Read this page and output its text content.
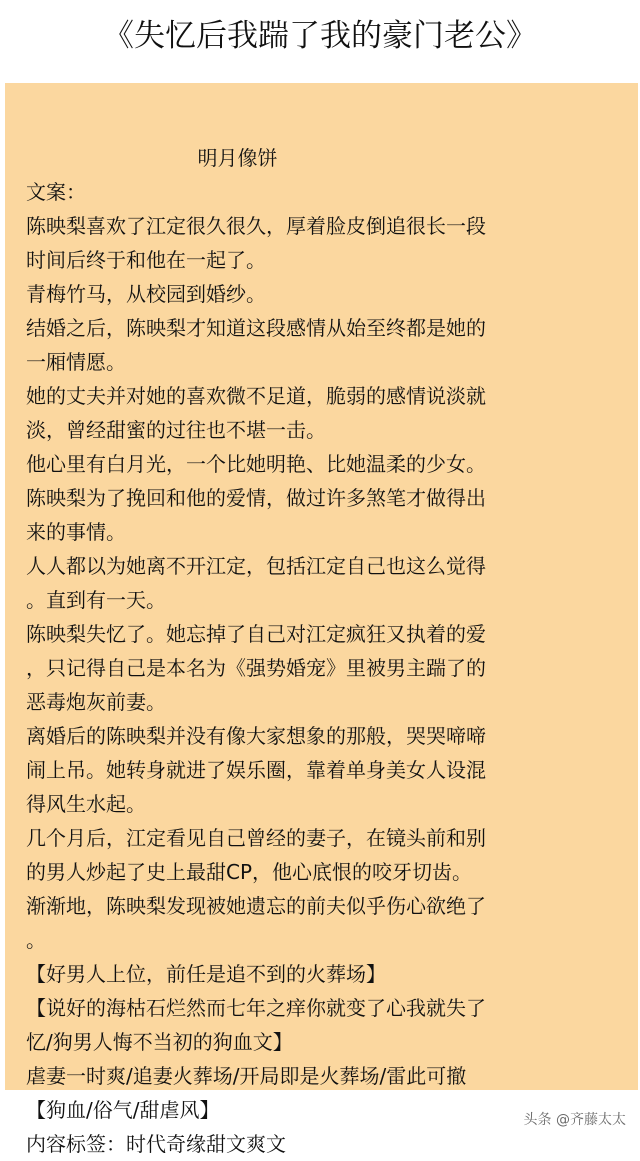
《失忆后我踹了我的豪门老公》
明月像饼
文案：
陈映梨喜欢了江定很久很久，厚着脸皮倒追很长一段
时间后终于和他在一起了。
青梅竹马，从校园到婚纱。
结婚之后，陈映梨才知道这段感情从始至终都是她的
一厢情愿。
她的丈夫并对她的喜欢微不足道，脆弱的感情说淡就
淡，曾经甜蜜的过往也不堪一击。
他心里有白月光，一个比她明艳、比她温柔的少女。
陈映梨为了挽回和他的爱情，做过许多煞笔才做得出
来的事情。
人人都以为她离不开江定，包括江定自己也这么觉得
。直到有一天。
陈映梨失忆了。她忘掉了自己对江定疯狂又执着的爱
，只记得自己是本名为《强势婚宠》里被男主踹了的
恶毒炮灰前妻。
离婚后的陈映梨并没有像大家想象的那般，哭哭啼啼
闹上吊。她转身就进了娱乐圈，靠着单身美女人设混
得风生水起。
几个月后，江定看见自己曾经的妻子，在镜头前和别
的男人炒起了史上最甜CP，他心底恨的咬牙切齿。
渐渐地，陈映梨发现被她遗忘的前夫似乎伤心欲绝了
。
【好男人上位，前任是追不到的火葬场】
【说好的海枯石烂然而七年之痒你就变了心我就失了
忆/狗男人悔不当初的狗血文】
虐妻一时爽/追妻火葬场/开局即是火葬场/雷此可撤
【狗血/俗气/甜虐风】
内容标签：时代奇缘甜文爽文
头条 @齐藤太太
